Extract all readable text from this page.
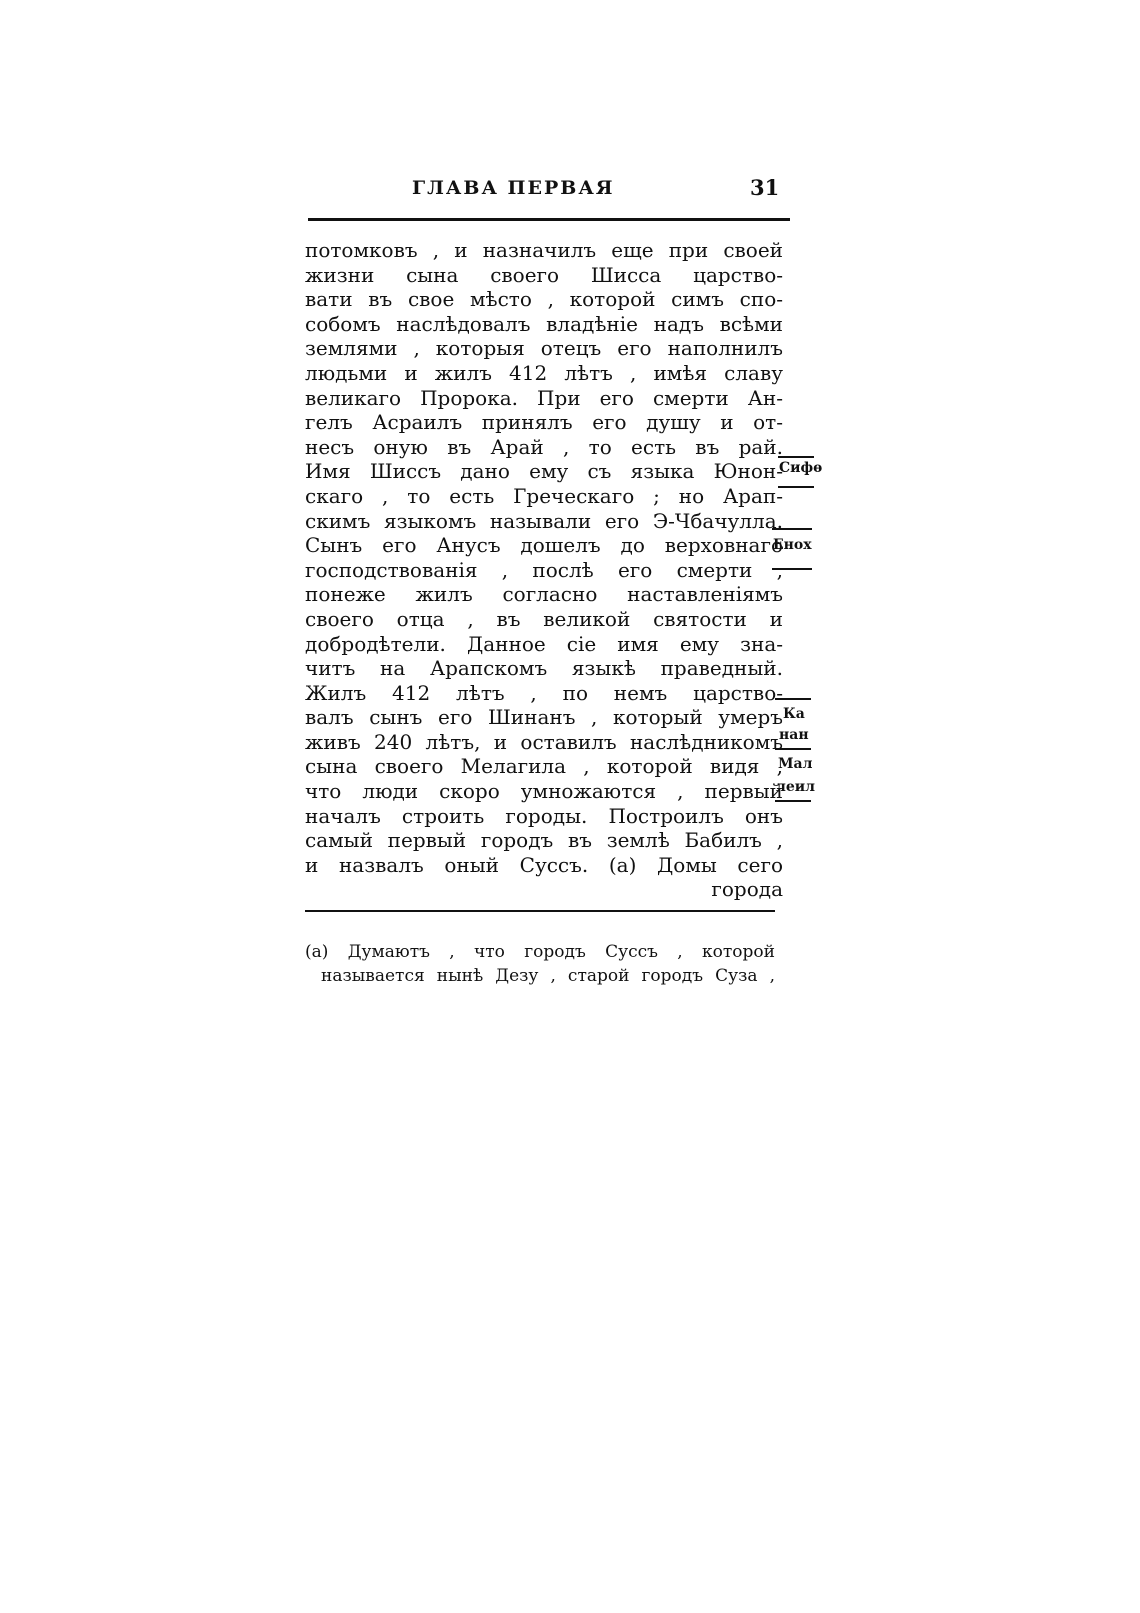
ГЛАВА ПЕРВАЯ	31
потомковъ , и назначилъ еще при своей
жизни сына своего Шисса царство-
вати въ свое мѣсто , которой симъ спо-
собомъ наслѣдовалъ владѣніе надъ всѣми
землями , которыя отецъ его наполнилъ
людьми и жилъ 412 лѣтъ , имѣя славу
великаго Пророка. При его смерти Ан-
гелъ Асраилъ принялъ его душу и от-
несъ оную въ Арай , то есть въ рай.
Имя Шиссъ дано ему съ языка Юнон-
скаго , то есть Греческаго ; но Арап-
скимъ языкомъ называли его Э-Чбачулла.
Сынъ его Анусъ дошелъ до верховнаго
господствованія , послѣ его смерти ,
понеже жилъ согласно наставленіямъ
своего отца , въ великой святости и
добродѣтели. Данное сіе имя ему зна-
читъ на Арапскомъ языкѣ праведный.
Жилъ 412 лѣтъ , по немъ царство-
валъ сынъ его Шинанъ , который умеръ
живъ 240 лѣтъ, и оставилъ наслѣдникомъ
сына своего Мелагила , которой видя ,
что люди скоро умножаются , первый
началъ строить городы. Построилъ онъ
самый первый городъ въ землѣ Бабилъ ,
и назвалъ оный Суссъ. (a) Домы сего
города
Сифѳ
Енох
Ка
нан
Мал
леил
(a) Думаютъ , что городъ Суссъ , которой
называется нынѣ Дезу , старой городъ Суза ,
